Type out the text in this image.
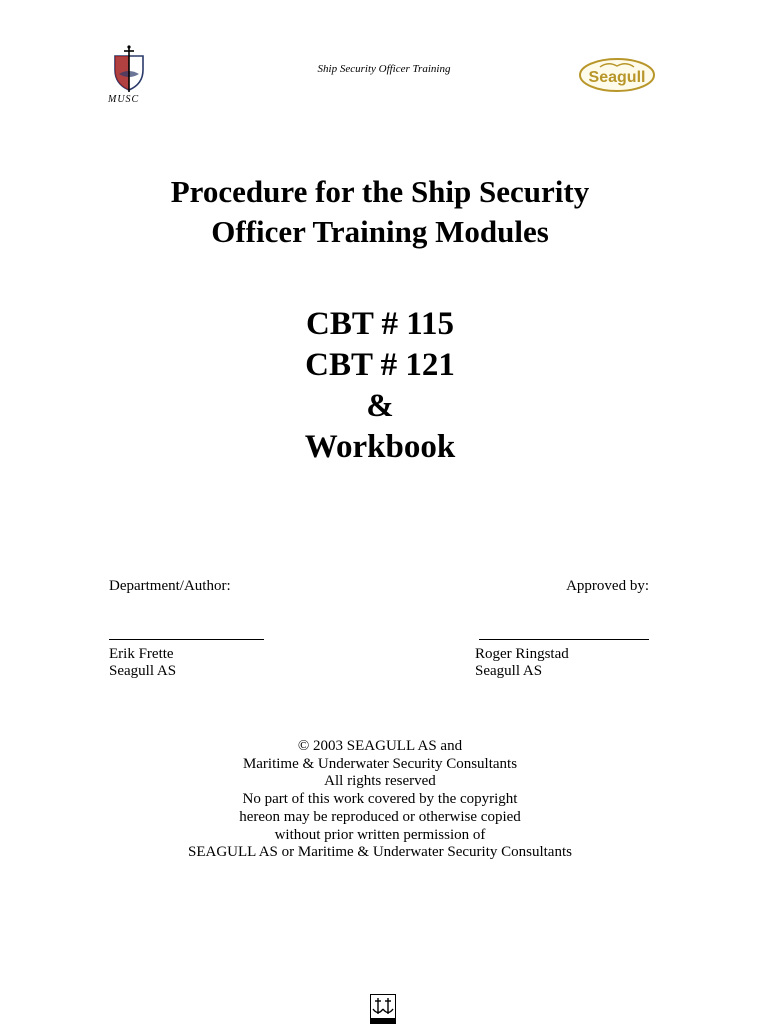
MUSC
Ship Security Officer Training	Seagull
Procedure for the Ship Security
Officer Training Modules
CBT # 115
CBT # 121
&
Workbook
Department/Author:
Erik Frette
Seagull AS
Approved by:
Roger Ringstad
Seagull AS
© 2003 SEAGULL AS and
Maritime & Underwater Security Consultants
All rights reserved
No part of this work covered by the copyright
hereon may be reproduced or otherwise copied
without prior written permission of
SEAGULL AS or Maritime & Underwater Security Consultants
